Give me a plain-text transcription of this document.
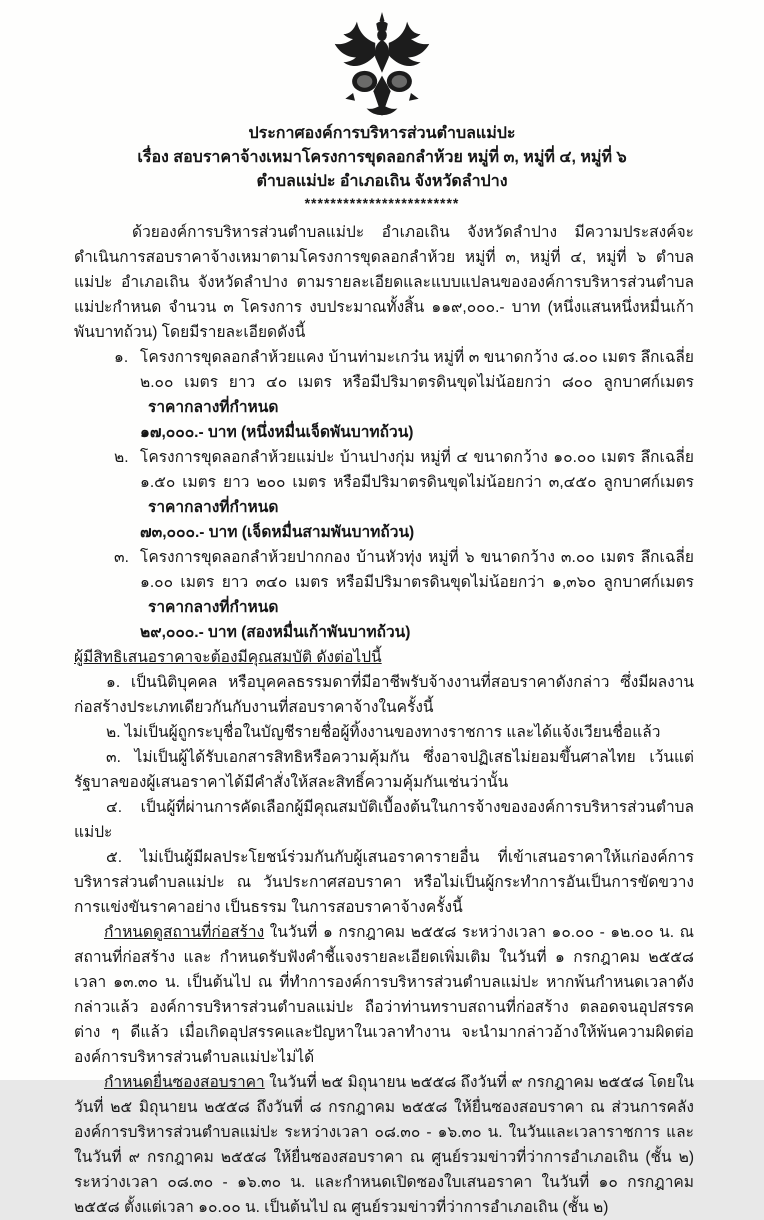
ประกาศองค์การบริหารส่วนตำบลแม่ปะ
เรื่อง สอบราคาจ้างเหมาโครงการขุดลอกลำห้วย หมู่ที่ ๓, หมู่ที่ ๔, หมู่ที่ ๖
ตำบลแม่ปะ อำเภอเถิน จังหวัดลำปาง
************************

ด้วยองค์การบริหารส่วนตำบลแม่ปะ อำเภอเถิน จังหวัดลำปาง มีความประสงค์จะดำเนินการสอบราคาจ้างเหมาตามโครงการขุดลอกลำห้วย หมู่ที่ ๓, หมู่ที่ ๔, หมู่ที่ ๖ ตำบลแม่ปะ อำเภอเถิน จังหวัดลำปาง ตามรายละเอียดและแบบแปลนขององค์การบริหารส่วนตำบลแม่ปะกำหนด จำนวน ๓ โครงการ งบประมาณทั้งสิ้น ๑๑๙,๐๐๐.- บาท (หนึ่งแสนหนึ่งหมื่นเก้าพันบาทถ้วน) โดยมีรายละเอียดดังนี้

๑. โครงการขุดลอกลำห้วยแคง บ้านท่ามะเกว๋น หมู่ที่ ๓ ขนาดกว้าง ๘.๐๐ เมตร ลึกเฉลี่ย ๒.๐๐ เมตร ยาว ๔๐ เมตร หรือมีปริมาตรดินขุดไม่น้อยกว่า ๘๐๐ ลูกบาศก์เมตร ราคากลางที่กำหนด
๑๗,๐๐๐.- บาท (หนึ่งหมื่นเจ็ดพันบาทถ้วน)
๒. โครงการขุดลอกลำห้วยแม่ปะ บ้านปางกุ่ม หมู่ที่ ๔ ขนาดกว้าง ๑๐.๐๐ เมตร ลึกเฉลี่ย ๑.๕๐ เมตร ยาว ๒๐๐ เมตร หรือมีปริมาตรดินขุดไม่น้อยกว่า ๓,๔๕๐ ลูกบาศก์เมตร ราคากลางที่กำหนด
๗๓,๐๐๐.- บาท (เจ็ดหมื่นสามพันบาทถ้วน)
๓. โครงการขุดลอกลำห้วยปากกอง บ้านหัวทุ่ง หมู่ที่ ๖ ขนาดกว้าง ๓.๐๐ เมตร ลึกเฉลี่ย ๑.๐๐ เมตร ยาว ๓๔๐ เมตร หรือมีปริมาตรดินขุดไม่น้อยกว่า ๑,๓๖๐ ลูกบาศก์เมตร ราคากลางที่กำหนด
๒๙,๐๐๐.- บาท (สองหมื่นเก้าพันบาทถ้วน)

ผู้มีสิทธิเสนอราคาจะต้องมีคุณสมบัติ ดังต่อไปนี้

๑. เป็นนิติบุคคล หรือบุคคลธรรมดาที่มีอาชีพรับจ้างงานที่สอบราคาดังกล่าว ซึ่งมีผลงานก่อสร้างประเภทเดียวกันกับงานที่สอบราคาจ้างในครั้งนี้

๒. ไม่เป็นผู้ถูกระบุชื่อในบัญชีรายชื่อผู้ทิ้งงานของทางราชการ และได้แจ้งเวียนชื่อแล้ว

๓. ไม่เป็นผู้ได้รับเอกสารสิทธิหรือความคุ้มกัน ซึ่งอาจปฏิเสธไม่ยอมขึ้นศาลไทย เว้นแต่รัฐบาลของผู้เสนอราคาได้มีคำสั่งให้สละสิทธิ์ความคุ้มกันเช่นว่านั้น

๔. เป็นผู้ที่ผ่านการคัดเลือกผู้มีคุณสมบัติเบื้องต้นในการจ้างขององค์การบริหารส่วนตำบลแม่ปะ

๕. ไม่เป็นผู้มีผลประโยชน์ร่วมกันกับผู้เสนอราคารายอื่น ที่เข้าเสนอราคาให้แก่องค์การบริหารส่วนตำบลแม่ปะ ณ วันประกาศสอบราคา หรือไม่เป็นผู้กระทำการอันเป็นการขัดขวางการแข่งขันราคาอย่าง เป็นธรรม ในการสอบราคาจ้างครั้งนี้

กำหนดดูสถานที่ก่อสร้าง ในวันที่ ๑ กรกฎาคม ๒๕๕๘ ระหว่างเวลา ๑๐.๐๐ - ๑๒.๐๐ น. ณ สถานที่ก่อสร้าง และ กำหนดรับฟังคำชี้แจงรายละเอียดเพิ่มเติม ในวันที่ ๑ กรกฎาคม ๒๕๕๘ เวลา ๑๓.๓๐ น. เป็นต้นไป ณ ที่ทำการองค์การบริหารส่วนตำบลแม่ปะ หากพ้นกำหนดเวลาดังกล่าวแล้ว องค์การบริหารส่วนตำบลแม่ปะ ถือว่าท่านทราบสถานที่ก่อสร้าง ตลอดจนอุปสรรคต่าง ๆ ดีแล้ว เมื่อเกิดอุปสรรคและปัญหาในเวลาทำงาน จะนำมากล่าวอ้างให้พ้นความผิดต่อองค์การบริหารส่วนตำบลแม่ปะไม่ได้

กำหนดยื่นซองสอบราคา ในวันที่ ๒๕ มิถุนายน ๒๕๕๘ ถึงวันที่ ๙ กรกฎาคม ๒๕๕๘ โดยในวันที่ ๒๕ มิถุนายน ๒๕๕๘ ถึงวันที่ ๘ กรกฎาคม ๒๕๕๘ ให้ยื่นซองสอบราคา ณ ส่วนการคลัง องค์การบริหารส่วนตำบลแม่ปะ ระหว่างเวลา ๐๘.๓๐ - ๑๖.๓๐ น. ในวันและเวลาราชการ และในวันที่ ๙ กรกฎาคม ๒๕๕๘ ให้ยื่นซองสอบราคา ณ ศูนย์รวมข่าวที่ว่าการอำเภอเถิน (ชั้น ๒) ระหว่างเวลา ๐๘.๓๐ - ๑๖.๓๐ น. และกำหนดเปิดซองใบเสนอราคา ในวันที่ ๑๐ กรกฎาคม ๒๕๕๘ ตั้งแต่เวลา ๑๐.๐๐ น. เป็นต้นไป ณ ศูนย์รวมข่าวที่ว่าการอำเภอเถิน (ชั้น ๒)
